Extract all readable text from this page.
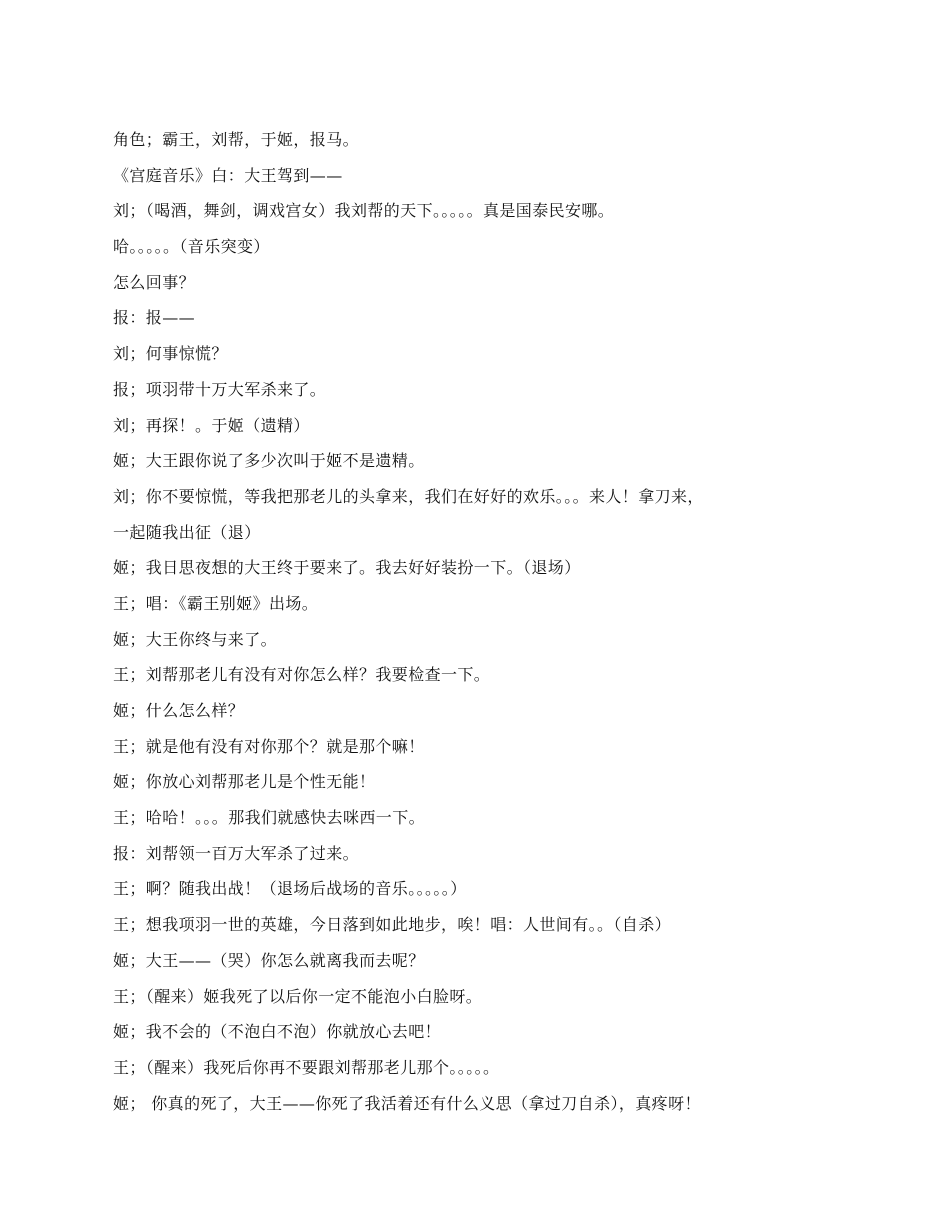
角色；霸王，刘帮，于姬，报马。
《宫庭音乐》白：大王驾到——
刘；（喝酒，舞剑，调戏宫女）我刘帮的天下。。。。。真是国泰民安哪。
哈。。。。。（音乐突变）
怎么回事？
报：报——
刘；何事惊慌？
报；项羽带十万大军杀来了。
刘；再探！。于姬（遗精）
姬；大王跟你说了多少次叫于姬不是遗精。
刘；你不要惊慌，等我把那老儿的头拿来，我们在好好的欢乐。。。来人！拿刀来，
一起随我出征（退）
姬；我日思夜想的大王终于要来了。我去好好装扮一下。（退场）
王；唱：《霸王别姬》出场。
姬；大王你终与来了。
王；刘帮那老儿有没有对你怎么样？我要检查一下。
姬；什么怎么样？
王；就是他有没有对你那个？就是那个嘛！
姬；你放心刘帮那老儿是个性无能！
王；哈哈！。。。那我们就感快去咪西一下。
报：刘帮领一百万大军杀了过来。
王；啊？随我出战！（退场后战场的音乐。。。。。）
王；想我项羽一世的英雄，今日落到如此地步，唉！唱：人世间有。。（自杀）
姬；大王——（哭）你怎么就离我而去呢？
王；（醒来）姬我死了以后你一定不能泡小白脸呀。
姬；我不会的（不泡白不泡）你就放心去吧！
王；（醒来）我死后你再不要跟刘帮那老儿那个。。。。。
姬； 你真的死了，大王——你死了我活着还有什么义思（拿过刀自杀），真疼呀！
